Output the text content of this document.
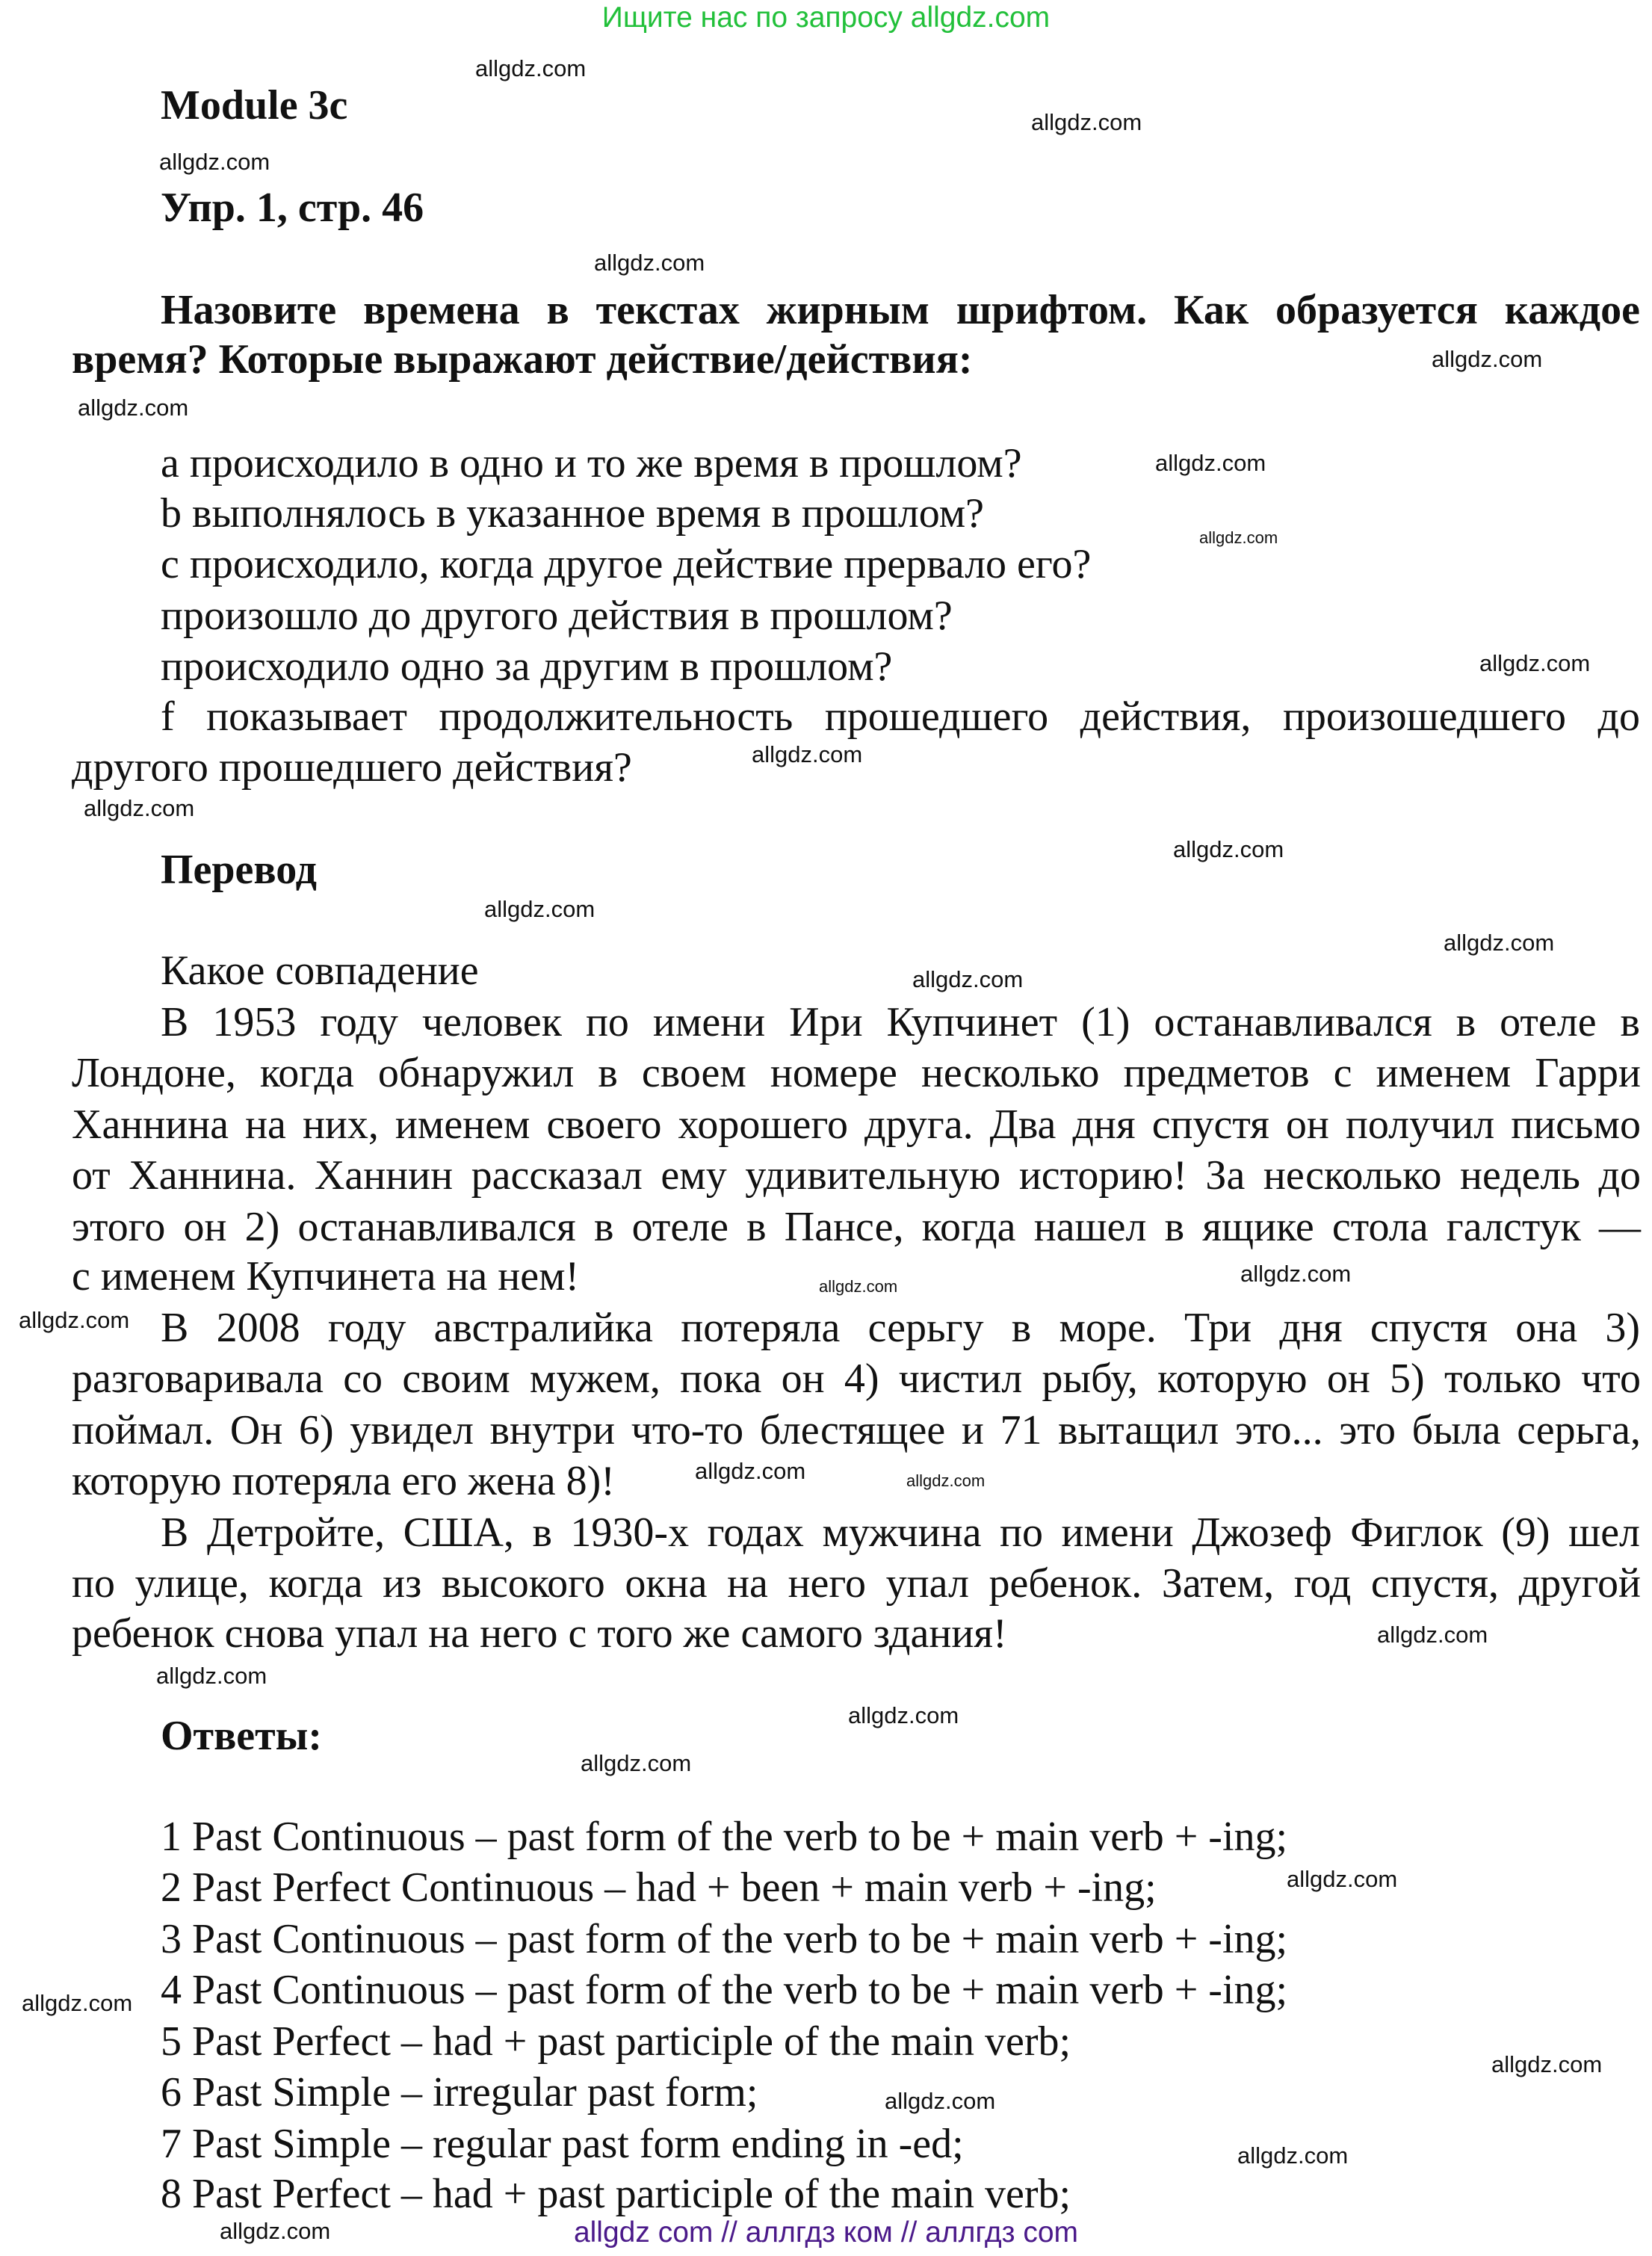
Ищите нас по запросу allgdz.com
Module 3c
Упр. 1, стр. 46
Назовите времена в текстах жирным шрифтом. Как образуется каждое
время? Которые выражают действие/действия:
a происходило в одно и то же время в прошлом?
b выполнялось в указанное время в прошлом?
c происходило, когда другое действие прервало его?
произошло до другого действия в прошлом?
происходило одно за другим в прошлом?
f показывает продолжительность прошедшего действия, произошедшего до
другого прошедшего действия?
Перевод
Какое совпадение
В 1953 году человек по имени Ири Купчинет (1) останавливался в отеле в
Лондоне, когда обнаружил в своем номере несколько предметов с именем Гарри
Ханнина на них, именем своего хорошего друга. Два дня спустя он получил письмо
от Ханнина. Ханнин рассказал ему удивительную историю! За несколько недель до
этого он 2) останавливался в отеле в Пансе, когда нашел в ящике стола галстук —
с именем Купчинета на нем!
В 2008 году австралийка потеряла серьгу в море. Три дня спустя она 3)
разговаривала со своим мужем, пока он 4) чистил рыбу, которую он 5) только что
поймал. Он 6) увидел внутри что-то блестящее и 71 вытащил это... это была серьга,
которую потеряла его жена 8)!
В Детройте, США, в 1930-х годах мужчина по имени Джозеф Фиглок (9) шел
по улице, когда из высокого окна на него упал ребенок. Затем, год спустя, другой
ребенок снова упал на него с того же самого здания!
Ответы:
1 Past Continuous – past form of the verb to be + main verb + -ing;
2 Past Perfect Continuous – had + been + main verb + -ing;
3 Past Continuous – past form of the verb to be + main verb + -ing;
4 Past Continuous – past form of the verb to be + main verb + -ing;
5 Past Perfect – had + past participle of the main verb;
6 Past Simple – irregular past form;
7 Past Simple – regular past form ending in -ed;
8 Past Perfect – had + past participle of the main verb;
allgdz.com
allgdz.com
allgdz.com
allgdz.com
allgdz.com
allgdz.com
allgdz.com
allgdz.com
allgdz.com
allgdz.com
allgdz.com
allgdz.com
allgdz.com
allgdz.com
allgdz.com
allgdz.com
allgdz.com
allgdz.com
allgdz.com
allgdz.com
allgdz.com
allgdz.com
allgdz.com
allgdz.com
allgdz.com
allgdz.com
allgdz.com
allgdz.com
allgdz.com
allgdz.com	allgdz com // аллгдз ком // аллгдз com
